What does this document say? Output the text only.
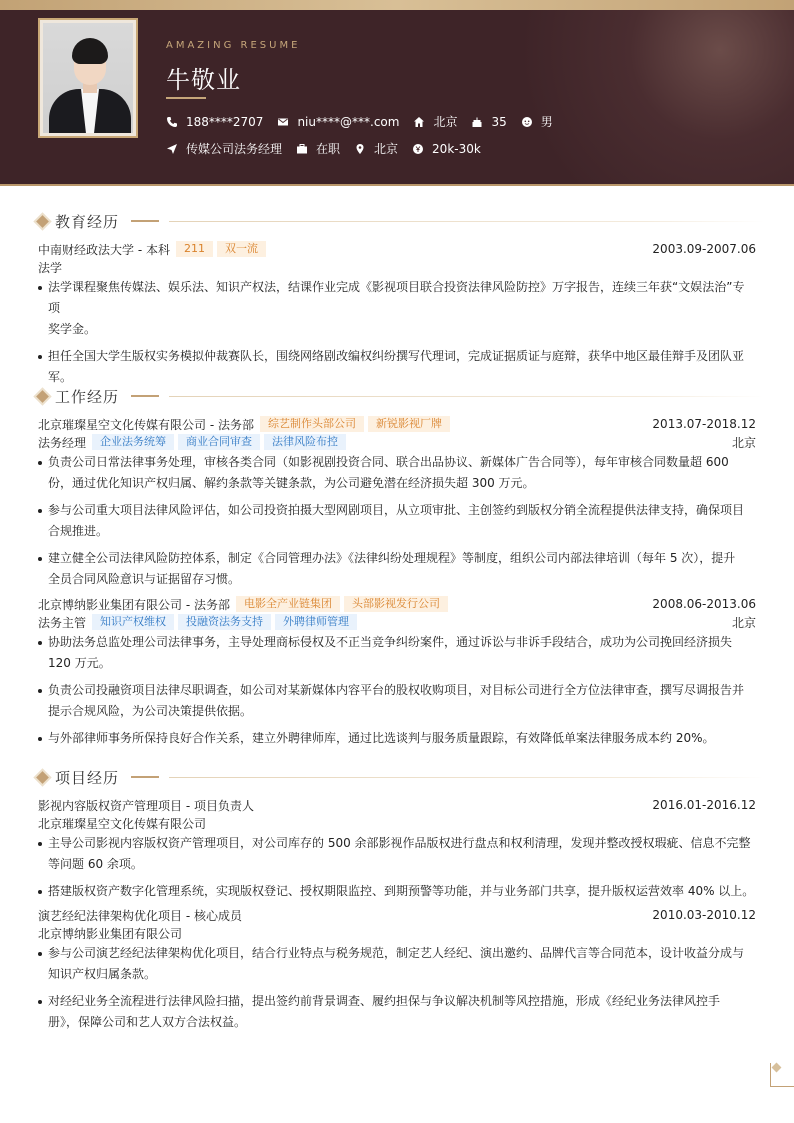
AMAZING RESUME
牛敬业
188****2707	niu****@***.com	北京	35	男
传媒公司法务经理	在职	北京	20k-30k
教育经历
中南财经政法大学 - 本科	211	双一流	2003.09-2007.06
法学
法学课程聚焦传媒法、娱乐法、知识产权法，结课作业完成《影视项目联合投资法律风险防控》万字报告，连续三年获“文娱法治”专项
奖学金。
担任全国大学生版权实务模拟仲裁赛队长，围绕网络剧改编权纠纷撰写代理词，完成证据质证与庭辩，获华中地区最佳辩手及团队亚
军。
工作经历
北京璀璨星空文化传媒有限公司 - 法务部	综艺制作头部公司	新锐影视厂牌	2013.07-2018.12
法务经理	企业法务统筹	商业合同审查	法律风险布控	北京
负责公司日常法律事务处理，审核各类合同（如影视剧投资合同、联合出品协议、新媒体广告合同等），每年审核合同数量超 600
份，通过优化知识产权归属、解约条款等关键条款，为公司避免潜在经济损失超 300 万元。
参与公司重大项目法律风险评估，如公司投资拍摄大型网剧项目，从立项审批、主创签约到版权分销全流程提供法律支持，确保项目
合规推进。
建立健全公司法律风险防控体系，制定《合同管理办法》《法律纠纷处理规程》等制度，组织公司内部法律培训（每年 5 次），提升
全员合同风险意识与证据留存习惯。
北京博纳影业集团有限公司 - 法务部	电影全产业链集团	头部影视发行公司	2008.06-2013.06
法务主管	知识产权维权	投融资法务支持	外聘律师管理	北京
协助法务总监处理公司法律事务，主导处理商标侵权及不正当竞争纠纷案件，通过诉讼与非诉手段结合，成功为公司挽回经济损失
120 万元。
负责公司投融资项目法律尽职调查，如公司对某新媒体内容平台的股权收购项目，对目标公司进行全方位法律审查，撰写尽调报告并
提示合规风险，为公司决策提供依据。
与外部律师事务所保持良好合作关系，建立外聘律师库，通过比选谈判与服务质量跟踪，有效降低单案法律服务成本约 20%。
项目经历
影视内容版权资产管理项目 - 项目负责人	2016.01-2016.12
北京璀璨星空文化传媒有限公司
主导公司影视内容版权资产管理项目，对公司库存的 500 余部影视作品版权进行盘点和权利清理，发现并整改授权瑕疵、信息不完整
等问题 60 余项。
搭建版权资产数字化管理系统，实现版权登记、授权期限监控、到期预警等功能，并与业务部门共享，提升版权运营效率 40% 以上。
演艺经纪法律架构优化项目 - 核心成员	2010.03-2010.12
北京博纳影业集团有限公司
参与公司演艺经纪法律架构优化项目，结合行业特点与税务规范，制定艺人经纪、演出邀约、品牌代言等合同范本，设计收益分成与
知识产权归属条款。
对经纪业务全流程进行法律风险扫描，提出签约前背景调查、履约担保与争议解决机制等风控措施，形成《经纪业务法律风控手
册》，保障公司和艺人双方合法权益。
